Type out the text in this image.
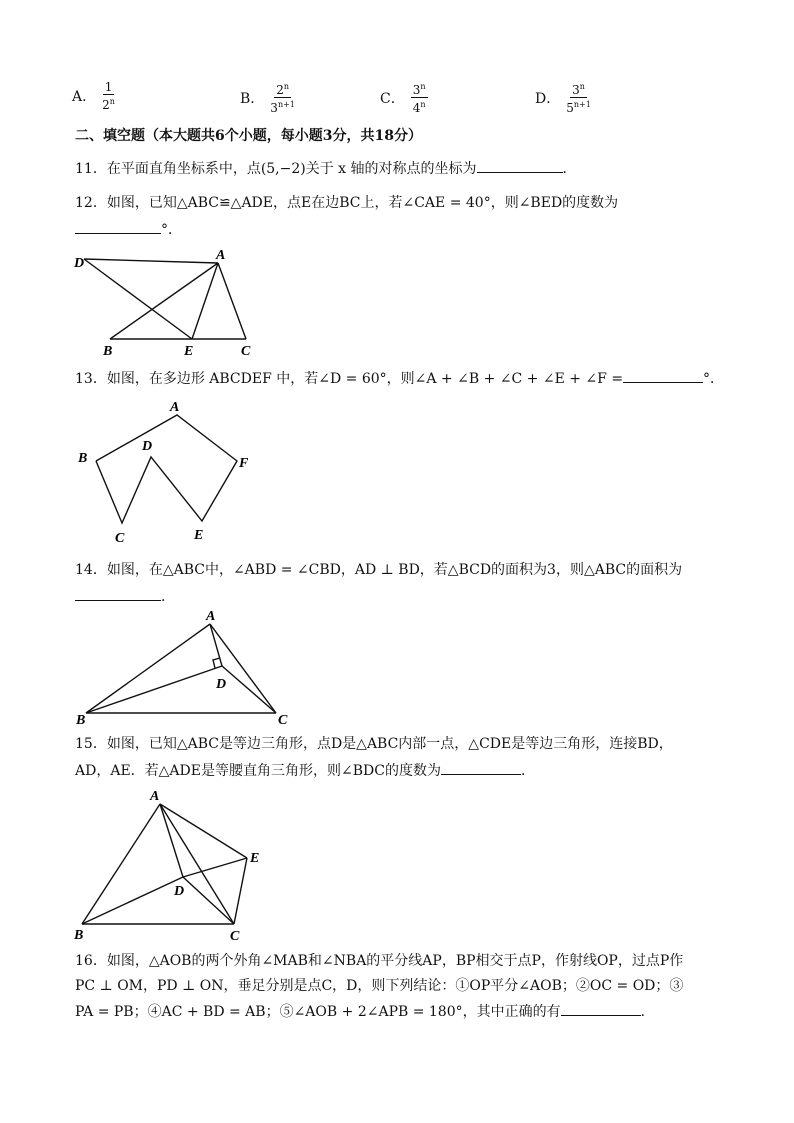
A． $\frac{1}{2^n}$	B． $\frac{2^n}{3^{n+1}}$	C． $\frac{3^n}{4^n}$	D． $\frac{3^n}{5^{n+1}}$
二、填空题（本大题共6个小题，每小题3分，共18分）
11．在平面直角坐标系中，点(5,−2)关于 x 轴的对称点的坐标为	．
12．如图，已知△ABC≌△ADE，点E在边BC上，若∠CAE = 40°，则∠BED的度数为
°．
D
A
B	E	C
13．如图，在多边形 ABCDEF 中，若∠D = 60°，则∠A + ∠B + ∠C + ∠E + ∠F =	°．
A
B
D
F
C	E
14．如图，在△ABC中，∠ABD = ∠CBD，AD ⊥ BD，若△BCD的面积为3，则△ABC的面积为
．
A
B	C
D
15．如图，已知△ABC是等边三角形，点D是△ABC内部一点，△CDE是等边三角形，连接BD，
AD，AE．若△ADE是等腰直角三角形，则∠BDC的度数为	．
A
B	C
D
E
16．如图，△AOB的两个外角∠MAB和∠NBA的平分线AP，BP相交于点P，作射线OP，过点P作
PC ⊥ OM，PD ⊥ ON，垂足分别是点C，D，则下列结论：①OP平分∠AOB；②OC = OD；③
PA = PB；④AC + BD = AB；⑤∠AOB + 2∠APB = 180°，其中正确的有	．
